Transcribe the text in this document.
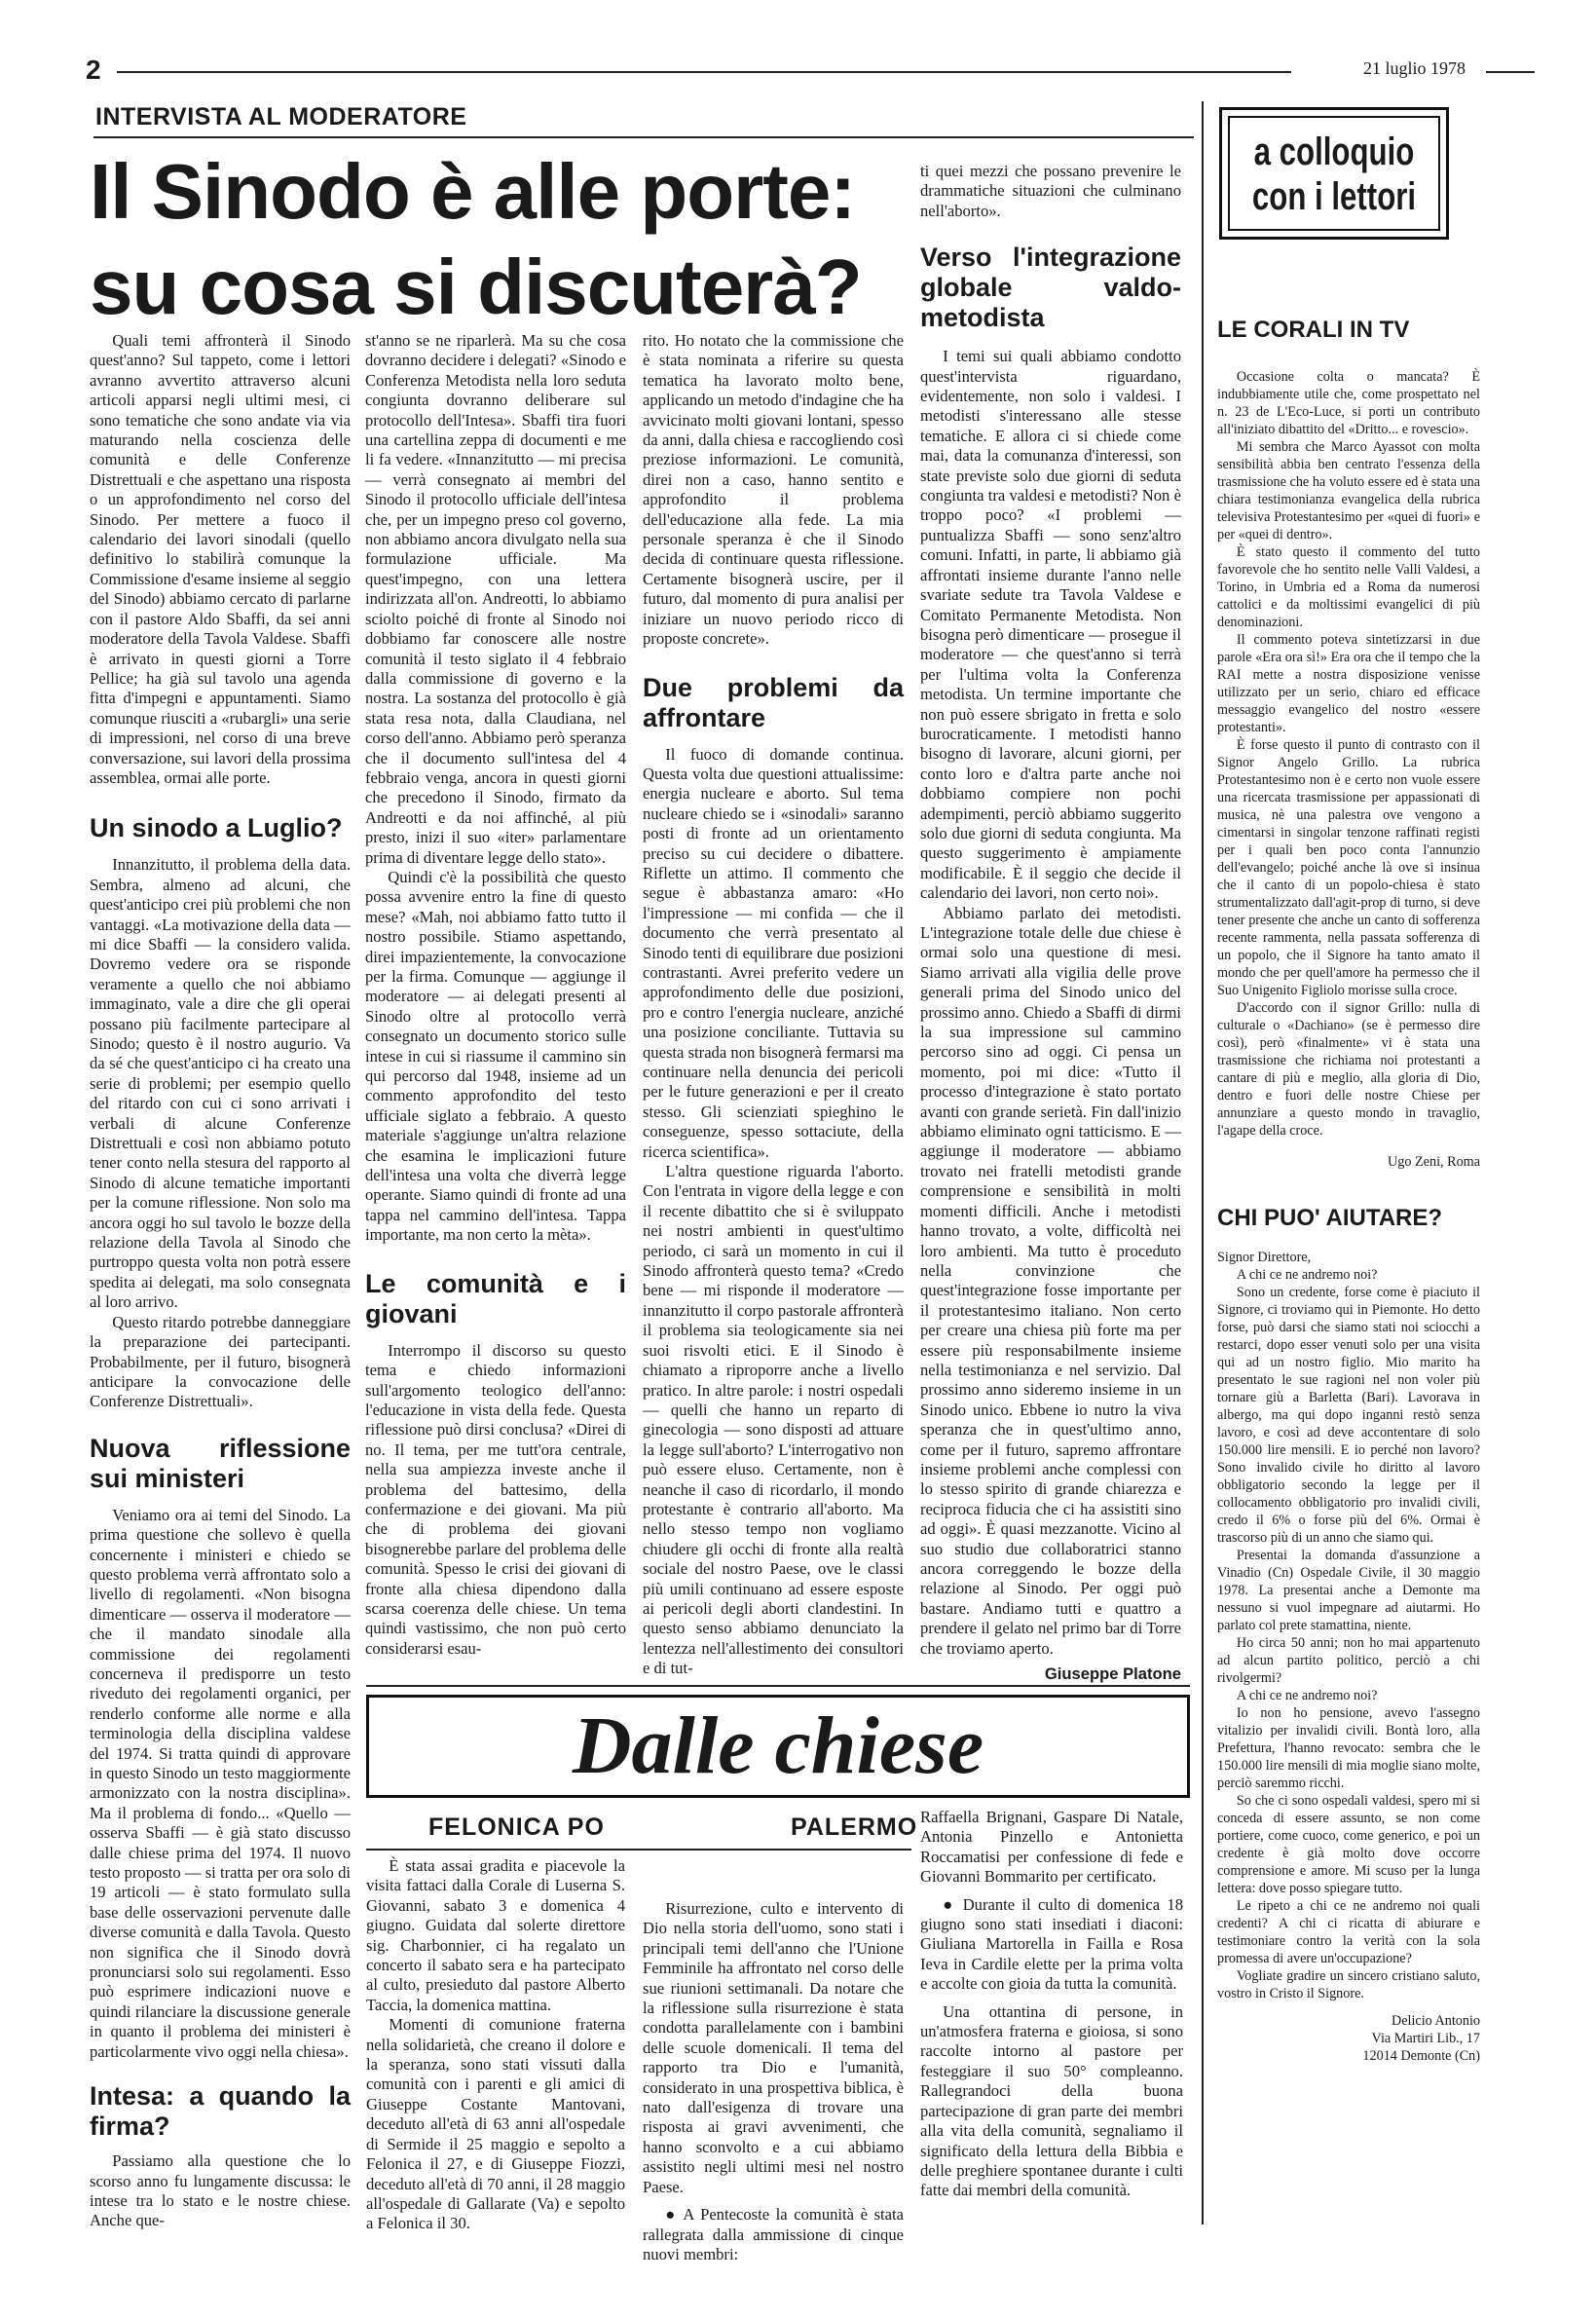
2	21 luglio 1978
INTERVISTA AL MODERATORE
Il Sinodo è alle porte:
su cosa si discuterà?

Quali temi affronterà il Sinodo quest'anno? Sul tappeto, come i lettori avranno avvertito attraverso alcuni articoli apparsi negli ultimi mesi, ci sono tematiche che sono andate via via maturando nella coscienza delle comunità e delle Conferenze Distrettuali e che aspettano una risposta o un approfondimento nel corso del Sinodo. Per mettere a fuoco il calendario dei lavori sinodali (quello definitivo lo stabilirà comunque la Commissione d'esame insieme al seggio del Sinodo) abbiamo cercato di parlarne con il pastore Aldo Sbaffi, da sei anni moderatore della Tavola Valdese. Sbaffi è arrivato in questi giorni a Torre Pellice; ha già sul tavolo una agenda fitta d'impegni e appuntamenti. Siamo comunque riusciti a «rubargli» una serie di impressioni, nel corso di una breve conversazione, sui lavori della prossima assemblea, ormai alle porte.

Un sinodo a Luglio?

Innanzitutto, il problema della data. Sembra, almeno ad alcuni, che quest'anticipo crei più problemi che non vantaggi. «La motivazione della data — mi dice Sbaffi — la considero valida. Dovremo vedere ora se risponde veramente a quello che noi abbiamo immaginato, vale a dire che gli operai possano più facilmente partecipare al Sinodo; questo è il nostro augurio. Va da sé che quest'anticipo ci ha creato una serie di problemi; per esempio quello del ritardo con cui ci sono arrivati i verbali di alcune Conferenze Distrettuali e così non abbiamo potuto tener conto nella stesura del rapporto al Sinodo di alcune tematiche importanti per la comune riflessione. Non solo ma ancora oggi ho sul tavolo le bozze della relazione della Tavola al Sinodo che purtroppo questa volta non potrà essere spedita ai delegati, ma solo consegnata al loro arrivo.

Questo ritardo potrebbe danneggiare la preparazione dei partecipanti. Probabilmente, per il futuro, bisognerà anticipare la convocazione delle Conferenze Distrettuali».

Nuova riflessione sui ministeri

Veniamo ora ai temi del Sinodo. La prima questione che sollevo è quella concernente i ministeri e chiedo se questo problema verrà affrontato solo a livello di regolamenti. «Non bisogna dimenticare — osserva il moderatore — che il mandato sinodale alla commissione dei regolamenti concerneva il predisporre un testo riveduto dei regolamenti organici, per renderlo conforme alle norme e alla terminologia della disciplina valdese del 1974. Si tratta quindi di approvare in questo Sinodo un testo maggiormente armonizzato con la nostra disciplina». Ma il problema di fondo... «Quello — osserva Sbaffi — è già stato discusso dalle chiese prima del 1974. Il nuovo testo proposto — si tratta per ora solo di 19 articoli — è stato formulato sulla base delle osservazioni pervenute dalle diverse comunità e dalla Tavola. Questo non significa che il Sinodo dovrà pronunciarsi solo sui regolamenti. Esso può esprimere indicazioni nuove e quindi rilanciare la discussione generale in quanto il problema dei ministeri è particolarmente vivo oggi nella chiesa».

Intesa: a quando la firma?

Passiamo alla questione che lo scorso anno fu lungamente discussa: le intese tra lo stato e le nostre chiese. Anche que-

st'anno se ne riparlerà. Ma su che cosa dovranno decidere i delegati? «Sinodo e Conferenza Metodista nella loro seduta congiunta dovranno deliberare sul protocollo dell'Intesa». Sbaffi tira fuori una cartellina zeppa di documenti e me li fa vedere. «Innanzitutto — mi precisa — verrà consegnato ai membri del Sinodo il protocollo ufficiale dell'intesa che, per un impegno preso col governo, non abbiamo ancora divulgato nella sua formulazione ufficiale. Ma quest'impegno, con una lettera indirizzata all'on. Andreotti, lo abbiamo sciolto poiché di fronte al Sinodo noi dobbiamo far conoscere alle nostre comunità il testo siglato il 4 febbraio dalla commissione di governo e la nostra. La sostanza del protocollo è già stata resa nota, dalla Claudiana, nel corso dell'anno. Abbiamo però speranza che il documento sull'intesa del 4 febbraio venga, ancora in questi giorni che precedono il Sinodo, firmato da Andreotti e da noi affinché, al più presto, inizi il suo «iter» parlamentare prima di diventare legge dello stato».

Quindi c'è la possibilità che questo possa avvenire entro la fine di questo mese? «Mah, noi abbiamo fatto tutto il nostro possibile. Stiamo aspettando, direi impazientemente, la convocazione per la firma. Comunque — aggiunge il moderatore — ai delegati presenti al Sinodo oltre al protocollo verrà consegnato un documento storico sulle intese in cui si riassume il cammino sin qui percorso dal 1948, insieme ad un commento approfondito del testo ufficiale siglato a febbraio. A questo materiale s'aggiunge un'altra relazione che esamina le implicazioni future dell'intesa una volta che diverrà legge operante. Siamo quindi di fronte ad una tappa nel cammino dell'intesa. Tappa importante, ma non certo la mèta».

Le comunità e i giovani

Interrompo il discorso su questo tema e chiedo informazioni sull'argomento teologico dell'anno: l'educazione in vista della fede. Questa riflessione può dirsi conclusa? «Direi di no. Il tema, per me tutt'ora centrale, nella sua ampiezza investe anche il problema del battesimo, della confermazione e dei giovani. Ma più che di problema dei giovani bisognerebbe parlare del problema delle comunità. Spesso le crisi dei giovani di fronte alla chiesa dipendono dalla scarsa coerenza delle chiese. Un tema quindi vastissimo, che non può certo considerarsi esau-

rito. Ho notato che la commissione che è stata nominata a riferire su questa tematica ha lavorato molto bene, applicando un metodo d'indagine che ha avvicinato molti giovani lontani, spesso da anni, dalla chiesa e raccogliendo così preziose informazioni. Le comunità, direi non a caso, hanno sentito e approfondito il problema dell'educazione alla fede. La mia personale speranza è che il Sinodo decida di continuare questa riflessione. Certamente bisognerà uscire, per il futuro, dal momento di pura analisi per iniziare un nuovo periodo ricco di proposte concrete».

Due problemi da affrontare

Il fuoco di domande continua. Questa volta due questioni attualissime: energia nucleare e aborto. Sul tema nucleare chiedo se i «sinodali» saranno posti di fronte ad un orientamento preciso su cui decidere o dibattere. Riflette un attimo. Il commento che segue è abbastanza amaro: «Ho l'impressione — mi confida — che il documento che verrà presentato al Sinodo tenti di equilibrare due posizioni contrastanti. Avrei preferito vedere un approfondimento delle due posizioni, pro e contro l'energia nucleare, anziché una posizione conciliante. Tuttavia su questa strada non bisognerà fermarsi ma continuare nella denuncia dei pericoli per le future generazioni e per il creato stesso. Gli scienziati spieghino le conseguenze, spesso sottaciute, della ricerca scientifica».

L'altra questione riguarda l'aborto. Con l'entrata in vigore della legge e con il recente dibattito che si è sviluppato nei nostri ambienti in quest'ultimo periodo, ci sarà un momento in cui il Sinodo affronterà questo tema? «Credo bene — mi risponde il moderatore — innanzitutto il corpo pastorale affronterà il problema sia teologicamente sia nei suoi risvolti etici. E il Sinodo è chiamato a riproporre anche a livello pratico. In altre parole: i nostri ospedali — quelli che hanno un reparto di ginecologia — sono disposti ad attuare la legge sull'aborto? L'interrogativo non può essere eluso. Certamente, non è neanche il caso di ricordarlo, il mondo protestante è contrario all'aborto. Ma nello stesso tempo non vogliamo chiudere gli occhi di fronte alla realtà sociale del nostro Paese, ove le classi più umili continuano ad essere esposte ai pericoli degli aborti clandestini. In questo senso abbiamo denunciato la lentezza nell'allestimento dei consultori e di tut-

ti quei mezzi che possano prevenire le drammatiche situazioni che culminano nell'aborto».

Verso l'integrazione globale valdo-metodista

I temi sui quali abbiamo condotto quest'intervista riguardano, evidentemente, non solo i valdesi. I metodisti s'interessano alle stesse tematiche. E allora ci si chiede come mai, data la comunanza d'interessi, son state previste solo due giorni di seduta congiunta tra valdesi e metodisti? Non è troppo poco? «I problemi — puntualizza Sbaffi — sono senz'altro comuni. Infatti, in parte, li abbiamo già affrontati insieme durante l'anno nelle svariate sedute tra Tavola Valdese e Comitato Permanente Metodista. Non bisogna però dimenticare — prosegue il moderatore — che quest'anno si terrà per l'ultima volta la Conferenza metodista. Un termine importante che non può essere sbrigato in fretta e solo burocraticamente. I metodisti hanno bisogno di lavorare, alcuni giorni, per conto loro e d'altra parte anche noi dobbiamo compiere non pochi adempimenti, perciò abbiamo suggerito solo due giorni di seduta congiunta. Ma questo suggerimento è ampiamente modificabile. È il seggio che decide il calendario dei lavori, non certo noi».

Abbiamo parlato dei metodisti. L'integrazione totale delle due chiese è ormai solo una questione di mesi. Siamo arrivati alla vigilia delle prove generali prima del Sinodo unico del prossimo anno. Chiedo a Sbaffi di dirmi la sua impressione sul cammino percorso sino ad oggi. Ci pensa un momento, poi mi dice: «Tutto il processo d'integrazione è stato portato avanti con grande serietà. Fin dall'inizio abbiamo eliminato ogni tatticismo. E — aggiunge il moderatore — abbiamo trovato nei fratelli metodisti grande comprensione e sensibilità in molti momenti difficili. Anche i metodisti hanno trovato, a volte, difficoltà nei loro ambienti. Ma tutto è proceduto nella convinzione che quest'integrazione fosse importante per il protestantesimo italiano. Non certo per creare una chiesa più forte ma per essere più responsabilmente insieme nella testimonianza e nel servizio. Dal prossimo anno sideremo insieme in un Sinodo unico. Ebbene io nutro la viva speranza che in quest'ultimo anno, come per il futuro, sapremo affrontare insieme problemi anche complessi con lo stesso spirito di grande chiarezza e reciproca fiducia che ci ha assistiti sino ad oggi». È quasi mezzanotte. Vicino al suo studio due collaboratrici stanno ancora correggendo le bozze della relazione al Sinodo. Per oggi può bastare. Andiamo tutti e quattro a prendere il gelato nel primo bar di Torre che troviamo aperto.

Giuseppe Platone
a colloquio
con i lettori
LE CORALI IN TV

Occasione colta o mancata? È indubbiamente utile che, come prospettato nel n. 23 de L'Eco-Luce, si porti un contributo all'iniziato dibattito del «Dritto... e rovescio».

Mi sembra che Marco Ayassot con molta sensibilità abbia ben centrato l'essenza della trasmissione che ha voluto essere ed è stata una chiara testimonianza evangelica della rubrica televisiva Protestantesimo per «quei di fuori» e per «quei di dentro».

È stato questo il commento del tutto favorevole che ho sentito nelle Valli Valdesi, a Torino, in Umbria ed a Roma da numerosi cattolici e da moltissimi evangelici di più denominazioni.

Il commento poteva sintetizzarsi in due parole «Era ora sì!» Era ora che il tempo che la RAI mette a nostra disposizione venisse utilizzato per un serio, chiaro ed efficace messaggio evangelico del nostro «essere protestanti».

È forse questo il punto di contrasto con il Signor Angelo Grillo. La rubrica Protestantesimo non è e certo non vuole essere una ricercata trasmissione per appassionati di musica, nè una palestra ove vengono a cimentarsi in singolar tenzone raffinati registi per i quali ben poco conta l'annunzio dell'evangelo; poiché anche là ove si insinua che il canto di un popolo-chiesa è stato strumentalizzato dall'agit-prop di turno, si deve tener presente che anche un canto di sofferenza recente rammenta, nella passata sofferenza di un popolo, che il Signore ha tanto amato il mondo che per quell'amore ha permesso che il Suo Unigenito Figliolo morisse sulla croce.

D'accordo con il signor Grillo: nulla di culturale o «Dachiano» (se è permesso dire così), però «finalmente» vi è stata una trasmissione che richiama noi protestanti a cantare di più e meglio, alla gloria di Dio, dentro e fuori delle nostre Chiese per annunziare a questo mondo in travaglio, l'agape della croce.

Ugo Zeni, Roma
CHI PUO' AIUTARE?

Signor Direttore,

A chi ce ne andremo noi?

Sono un credente, forse come è piaciuto il Signore, ci troviamo qui in Piemonte. Ho detto forse, può darsi che siamo stati noi sciocchi a restarci, dopo esser venuti solo per una visita qui ad un nostro figlio. Mio marito ha presentato le sue ragioni nel non voler più tornare giù a Barletta (Bari). Lavorava in albergo, ma qui dopo inganni restò senza lavoro, e così ad deve accontentare di solo 150.000 lire mensili. E io perché non lavoro? Sono invalido civile ho diritto al lavoro obbligatorio secondo la legge per il collocamento obbligatorio pro invalidi civili, credo il 6% o forse più del 6%. Ormai è trascorso più di un anno che siamo qui.

Presentai la domanda d'assunzione a Vinadio (Cn) Ospedale Civile, il 30 maggio 1978. La presentai anche a Demonte ma nessuno si vuol impegnare ad aiutarmi. Ho parlato col prete stamattina, niente.

Ho circa 50 anni; non ho mai appartenuto ad alcun partito politico, perciò a chi rivolgermi?

A chi ce ne andremo noi?

Io non ho pensione, avevo l'assegno vitalizio per invalidi civili. Bontà loro, alla Prefettura, l'hanno revocato: sembra che le 150.000 lire mensili di mia moglie siano molte, perciò saremmo ricchi.

So che ci sono ospedali valdesi, spero mi si conceda di essere assunto, se non come portiere, come cuoco, come generico, e poi un credente è già molto dove occorre comprensione e amore. Mi scuso per la lunga lettera: dove posso spiegare tutto.

Le ripeto a chi ce ne andremo noi quali credenti? A chi ci ricatta di abiurare e testimoniare contro la verità con la sola promessa di avere un'occupazione?

Vogliate gradire un sincero cristiano saluto, vostro in Cristo il Signore.

Delicio Antonio
Via Martiri Lib., 17
12014 Demonte (Cn)
Dalle chiese
FELONICA PO	PALERMO

È stata assai gradita e piacevole la visita fattaci dalla Corale di Luserna S. Giovanni, sabato 3 e domenica 4 giugno. Guidata dal solerte direttore sig. Charbonnier, ci ha regalato un concerto il sabato sera e ha partecipato al culto, presieduto dal pastore Alberto Taccia, la domenica mattina.

Momenti di comunione fraterna nella solidarietà, che creano il dolore e la speranza, sono stati vissuti dalla comunità con i parenti e gli amici di Giuseppe Costante Mantovani, deceduto all'età di 63 anni all'ospedale di Sermide il 25 maggio e sepolto a Felonica il 27, e di Giuseppe Fiozzi, deceduto all'età di 70 anni, il 28 maggio all'ospedale di Gallarate (Va) e sepolto a Felonica il 30.

Risurrezione, culto e intervento di Dio nella storia dell'uomo, sono stati i principali temi dell'anno che l'Unione Femminile ha affrontato nel corso delle sue riunioni settimanali. Da notare che la riflessione sulla risurrezione è stata condotta parallelamente con i bambini delle scuole domenicali. Il tema del rapporto tra Dio e l'umanità, considerato in una prospettiva biblica, è nato dall'esigenza di trovare una risposta ai gravi avvenimenti, che hanno sconvolto e a cui abbiamo assistito negli ultimi mesi nel nostro Paese.

● A Pentecoste la comunità è stata rallegrata dalla ammissione di cinque nuovi membri:

Raffaella Brignani, Gaspare Di Natale, Antonia Pinzello e Antonietta Roccamatisi per confessione di fede e Giovanni Bommarito per certificato.

● Durante il culto di domenica 18 giugno sono stati insediati i diaconi: Giuliana Martorella in Failla e Rosa Ieva in Cardile elette per la prima volta e accolte con gioia da tutta la comunità.

Una ottantina di persone, in un'atmosfera fraterna e gioiosa, si sono raccolte intorno al pastore per festeggiare il suo 50° compleanno. Rallegrandoci della buona partecipazione di gran parte dei membri alla vita della comunità, segnaliamo il significato della lettura della Bibbia e delle preghiere spontanee durante i culti fatte dai membri della comunità.
